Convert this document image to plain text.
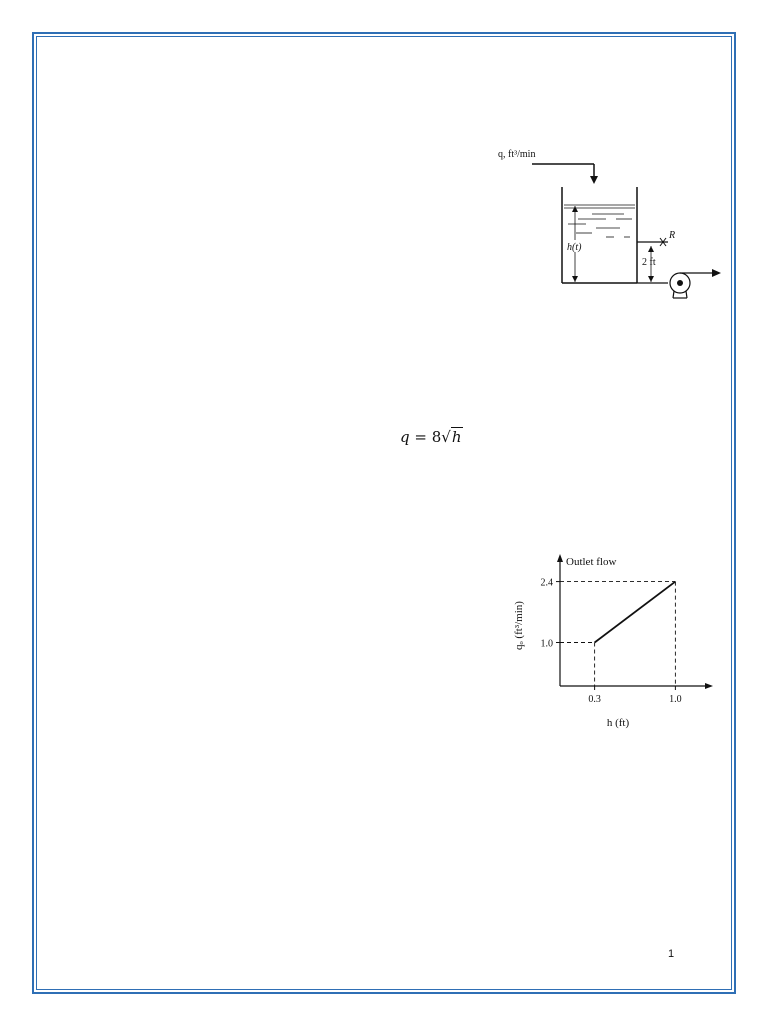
q, ft³/min
h(t)
R
2 ft
q = 8√h
Outlet flow
qₒ (ft³/min)
h (ft)
0.3	1.0
2.4
1.0
1
